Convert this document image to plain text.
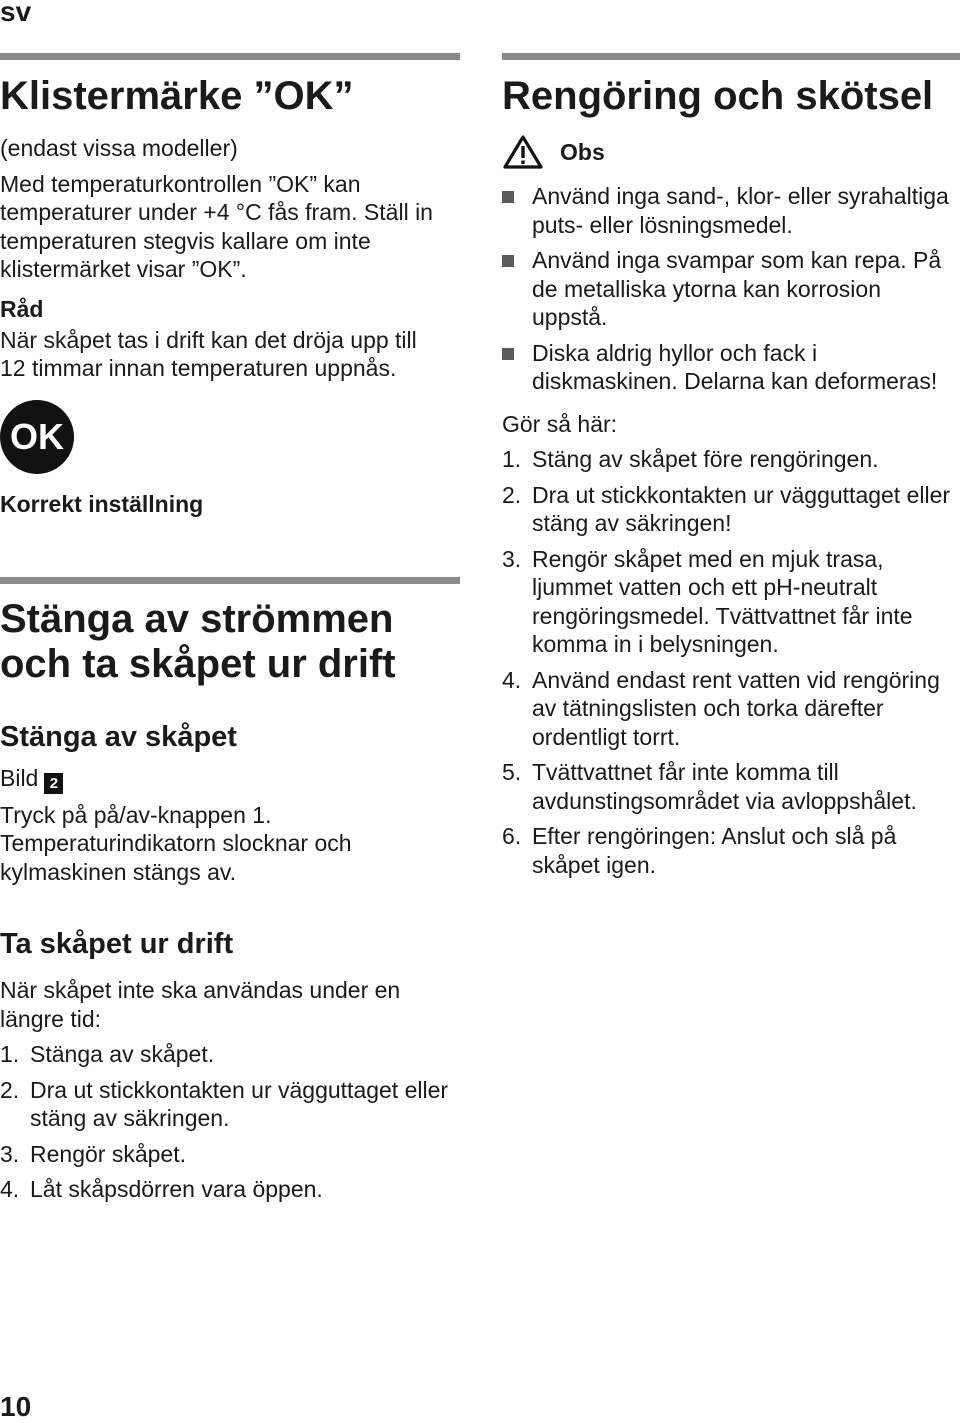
sv
Klistermärke ”OK”

(endast vissa modeller)

Med temperaturkontrollen ”OK” kan temperaturer under +4 °C fås fram. Ställ in temperaturen stegvis kallare om inte klistermärket visar ”OK”.

Råd

När skåpet tas i drift kan det dröja upp till 12 timmar innan temperaturen uppnås.

OK

Korrekt inställning

Stänga av strömmen
och ta skåpet ur drift
Stänga av skåpet

Bild 2

Tryck på på/av-knappen 1. Temperaturindikatorn slocknar och kylmaskinen stängs av.

Ta skåpet ur drift

När skåpet inte ska användas under en längre tid:

1. Stänga av skåpet.
2. Dra ut stickkontakten ur vägguttaget eller stäng av säkringen.
3. Rengör skåpet.
4. Låt skåpsdörren vara öppen.
Rengöring och skötsel
Obs
Använd inga sand-, klor- eller syrahaltiga puts- eller lösningsmedel.
Använd inga svampar som kan repa. På de metalliska ytorna kan korrosion uppstå.
Diska aldrig hyllor och fack i diskmaskinen. Delarna kan deformeras!

Gör så här:

1. Stäng av skåpet före rengöringen.
2. Dra ut stickkontakten ur vägguttaget eller stäng av säkringen!
3. Rengör skåpet med en mjuk trasa, ljummet vatten och ett pH-neutralt rengöringsmedel. Tvättvattnet får inte komma in i belysningen.
4. Använd endast rent vatten vid rengöring av tätningslisten och torka därefter ordentligt torrt.
5. Tvättvattnet får inte komma till avdunstingsområdet via avloppshålet.
6. Efter rengöringen: Anslut och slå på skåpet igen.
10
